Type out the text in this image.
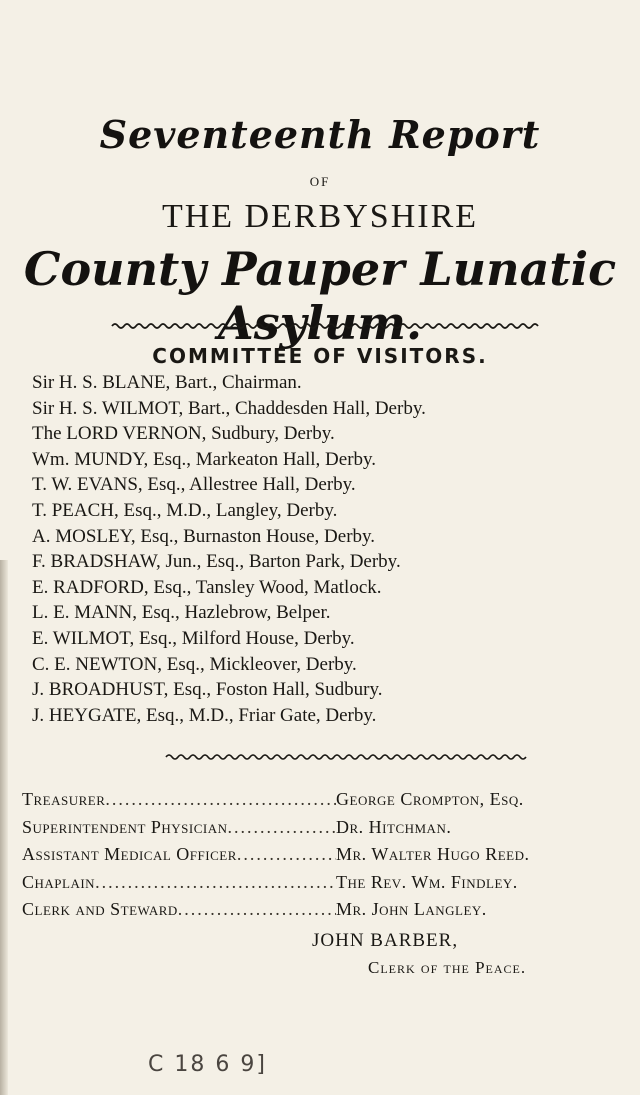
Seventeenth Report
OF
THE DERBYSHIRE
County Pauper Lunatic Asylum.
COMMITTEE OF VISITORS.
Sir H. S. BLANE, Bart., Chairman.
Sir H. S. WILMOT, Bart., Chaddesden Hall, Derby.
The LORD VERNON, Sudbury, Derby.
Wm. MUNDY, Esq., Markeaton Hall, Derby.
T. W. EVANS, Esq., Allestree Hall, Derby.
T. PEACH, Esq., M.D., Langley, Derby.
A. MOSLEY, Esq., Burnaston House, Derby.
F. BRADSHAW, Jun., Esq., Barton Park, Derby.
E. RADFORD, Esq., Tansley Wood, Matlock.
L. E. MANN, Esq., Hazlebrow, Belper.
E. WILMOT, Esq., Milford House, Derby.
C. E. NEWTON, Esq., Mickleover, Derby.
J. BROADHUST, Esq., Foston Hall, Sudbury.
J. HEYGATE, Esq., M.D., Friar Gate, Derby.
Treasurer .....	George Crompton, Esq.
Superintendent Physician .....	Dr. Hitchman.
Assistant Medical Officer .....	Mr. Walter Hugo Reed.
Chaplain .....	The Rev. Wm. Findley.
Clerk and Steward .....	Mr. John Langley.
JOHN BARBER,
Clerk of the Peace.
C 18 6 9]
